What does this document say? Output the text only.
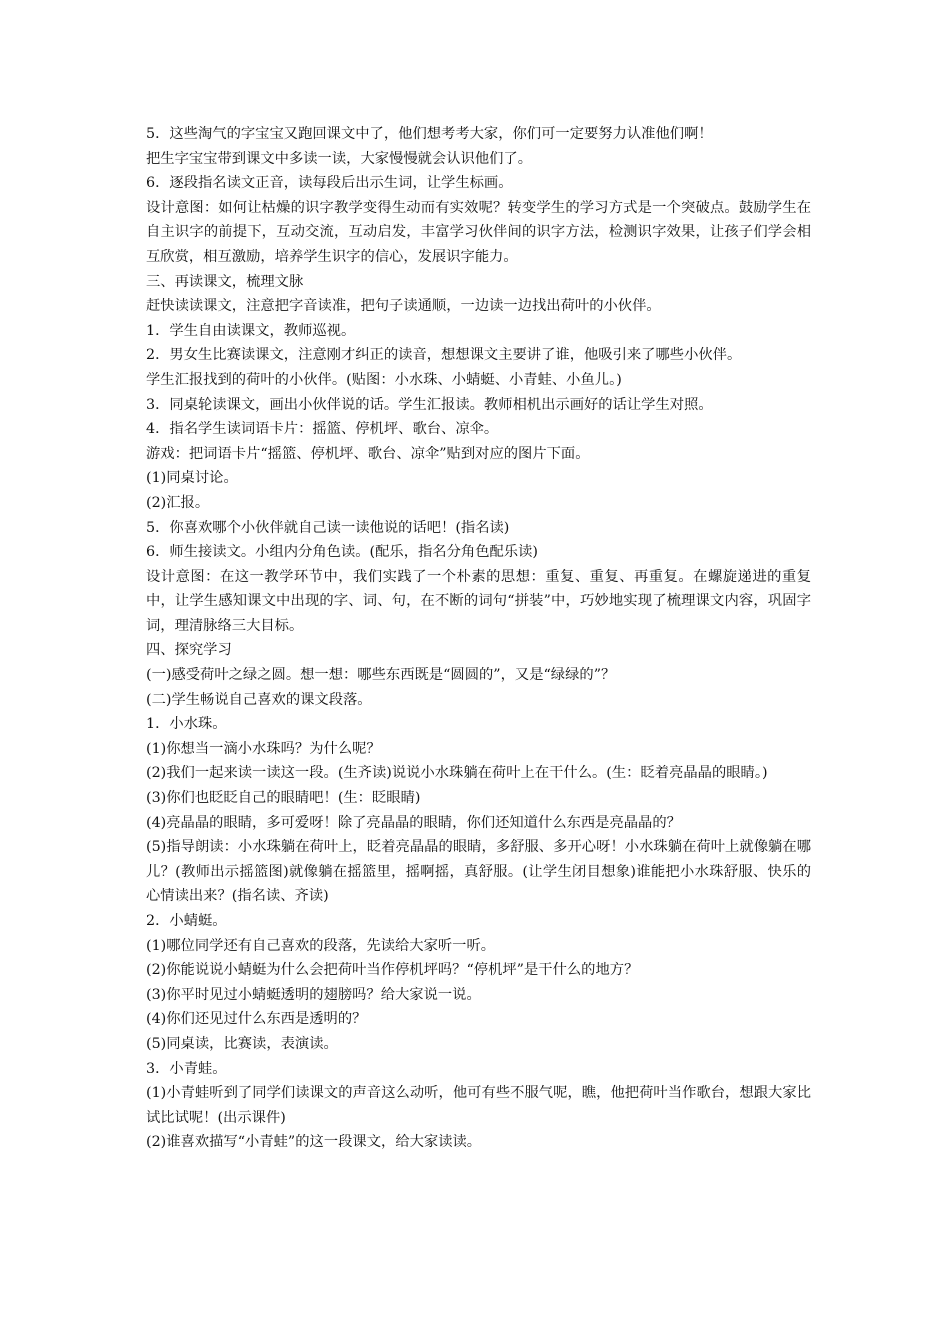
5．这些淘气的字宝宝又跑回课文中了，他们想考考大家，你们可一定要努力认准他们啊！

把生字宝宝带到课文中多读一读，大家慢慢就会认识他们了。

6．逐段指名读文正音，读每段后出示生词，让学生标画。

设计意图：如何让枯燥的识字教学变得生动而有实效呢？转变学生的学习方式是一个突破点。鼓励学生在自主识字的前提下，互动交流，互动启发，丰富学习伙伴间的识字方法，检测识字效果，让孩子们学会相互欣赏，相互激励，培养学生识字的信心，发展识字能力。

三、再读课文，梳理文脉

赶快读读课文，注意把字音读准，把句子读通顺，一边读一边找出荷叶的小伙伴。

1．学生自由读课文，教师巡视。

2．男女生比赛读课文，注意刚才纠正的读音，想想课文主要讲了谁，他吸引来了哪些小伙伴。

学生汇报找到的荷叶的小伙伴。(贴图：小水珠、小蜻蜓、小青蛙、小鱼儿。)

3．同桌轮读课文，画出小伙伴说的话。学生汇报读。教师相机出示画好的话让学生对照。

4．指名学生读词语卡片：摇篮、停机坪、歌台、凉伞。

游戏：把词语卡片“摇篮、停机坪、歌台、凉伞”贴到对应的图片下面。

(1)同桌讨论。

(2)汇报。

5．你喜欢哪个小伙伴就自己读一读他说的话吧！(指名读)

6．师生接读文。小组内分角色读。(配乐，指名分角色配乐读)

设计意图：在这一教学环节中，我们实践了一个朴素的思想：重复、重复、再重复。在螺旋递进的重复中，让学生感知课文中出现的字、词、句，在不断的词句“拼装”中，巧妙地实现了梳理课文内容，巩固字词，理清脉络三大目标。

四、探究学习

(一)感受荷叶之绿之圆。想一想：哪些东西既是“圆圆的”，又是“绿绿的”？

(二)学生畅说自己喜欢的课文段落。

1．小水珠。

(1)你想当一滴小水珠吗？为什么呢？

(2)我们一起来读一读这一段。(生齐读)说说小水珠躺在荷叶上在干什么。(生：眨着亮晶晶的眼睛。)

(3)你们也眨眨自己的眼睛吧！(生：眨眼睛)

(4)亮晶晶的眼睛，多可爱呀！除了亮晶晶的眼睛，你们还知道什么东西是亮晶晶的？

(5)指导朗读：小水珠躺在荷叶上，眨着亮晶晶的眼睛，多舒服、多开心呀！小水珠躺在荷叶上就像躺在哪儿？(教师出示摇篮图)就像躺在摇篮里，摇啊摇，真舒服。(让学生闭目想象)谁能把小水珠舒服、快乐的心情读出来？(指名读、齐读)

2．小蜻蜓。

(1)哪位同学还有自己喜欢的段落，先读给大家听一听。

(2)你能说说小蜻蜓为什么会把荷叶当作停机坪吗？“停机坪”是干什么的地方？

(3)你平时见过小蜻蜓透明的翅膀吗？给大家说一说。

(4)你们还见过什么东西是透明的？

(5)同桌读，比赛读，表演读。

3．小青蛙。

(1)小青蛙听到了同学们读课文的声音这么动听，他可有些不服气呢，瞧，他把荷叶当作歌台，想跟大家比试比试呢！(出示课件)

(2)谁喜欢描写“小青蛙”的这一段课文，给大家读读。
